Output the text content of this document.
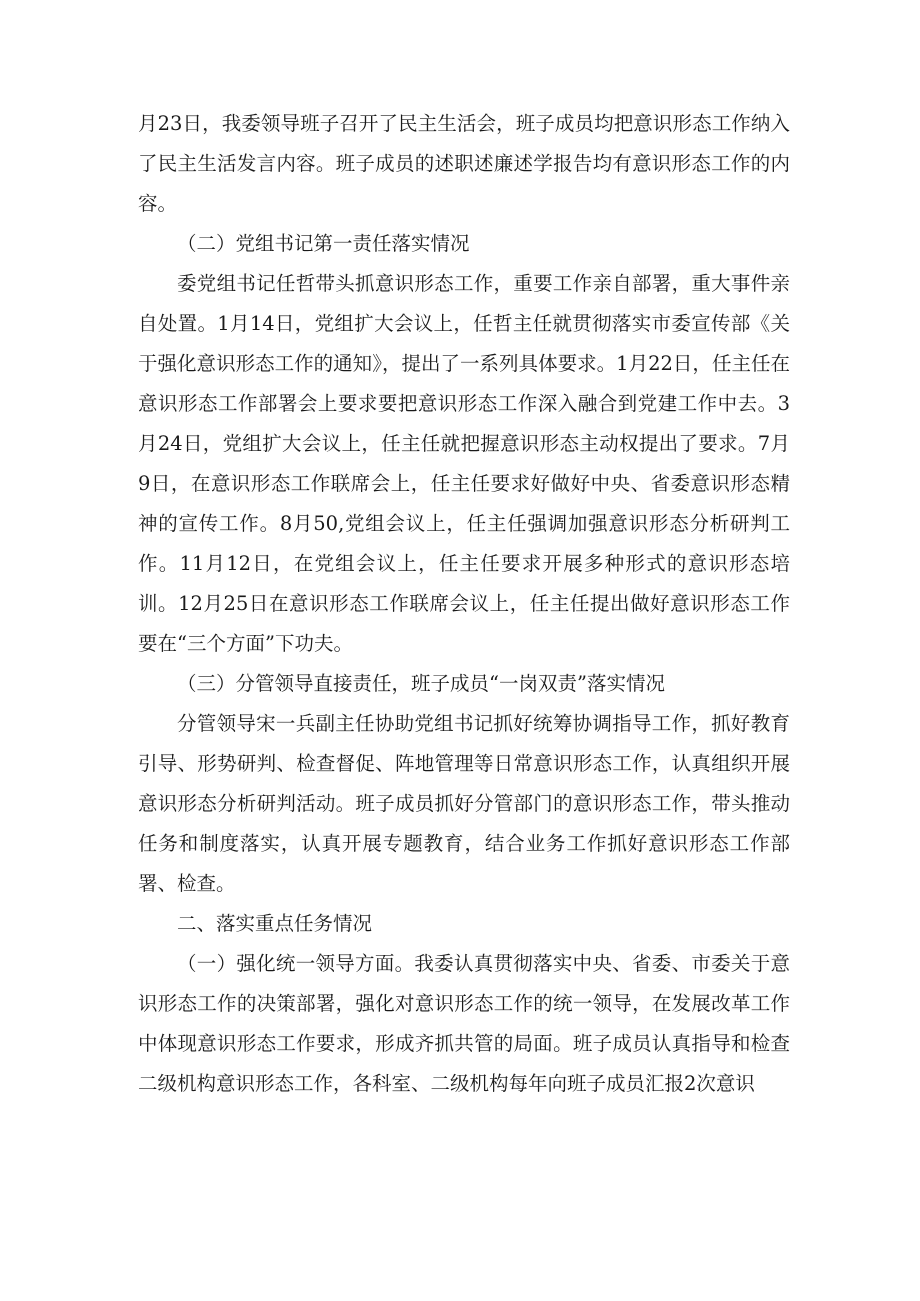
月23日，我委领导班子召开了民主生活会，班子成员均把意识形态工作纳入了民主生活发言内容。班子成员的述职述廉述学报告均有意识形态工作的内容。

（二）党组书记第一责任落实情况

委党组书记任哲带头抓意识形态工作，重要工作亲自部署，重大事件亲自处置。1月14日，党组扩大会议上，任哲主任就贯彻落实市委宣传部《关于强化意识形态工作的通知》，提出了一系列具体要求。1月22日，任主任在意识形态工作部署会上要求要把意识形态工作深入融合到党建工作中去。3月24日，党组扩大会议上，任主任就把握意识形态主动权提出了要求。7月9日，在意识形态工作联席会上，任主任要求好做好中央、省委意识形态精神的宣传工作。8月50,党组会议上，任主任强调加强意识形态分析研判工作。11月12日，在党组会议上，任主任要求开展多种形式的意识形态培训。12月25日在意识形态工作联席会议上，任主任提出做好意识形态工作要在“三个方面”下功夫。

（三）分管领导直接责任，班子成员“一岗双责”落实情况

分管领导宋一兵副主任协助党组书记抓好统筹协调指导工作，抓好教育引导、形势研判、检查督促、阵地管理等日常意识形态工作，认真组织开展意识形态分析研判活动。班子成员抓好分管部门的意识形态工作，带头推动任务和制度落实，认真开展专题教育，结合业务工作抓好意识形态工作部署、检查。

二、落实重点任务情况

（一）强化统一领导方面。我委认真贯彻落实中央、省委、市委关于意识形态工作的决策部署，强化对意识形态工作的统一领导，在发展改革工作中体现意识形态工作要求，形成齐抓共管的局面。班子成员认真指导和检查二级机构意识形态工作，各科室、二级机构每年向班子成员汇报2次意识
